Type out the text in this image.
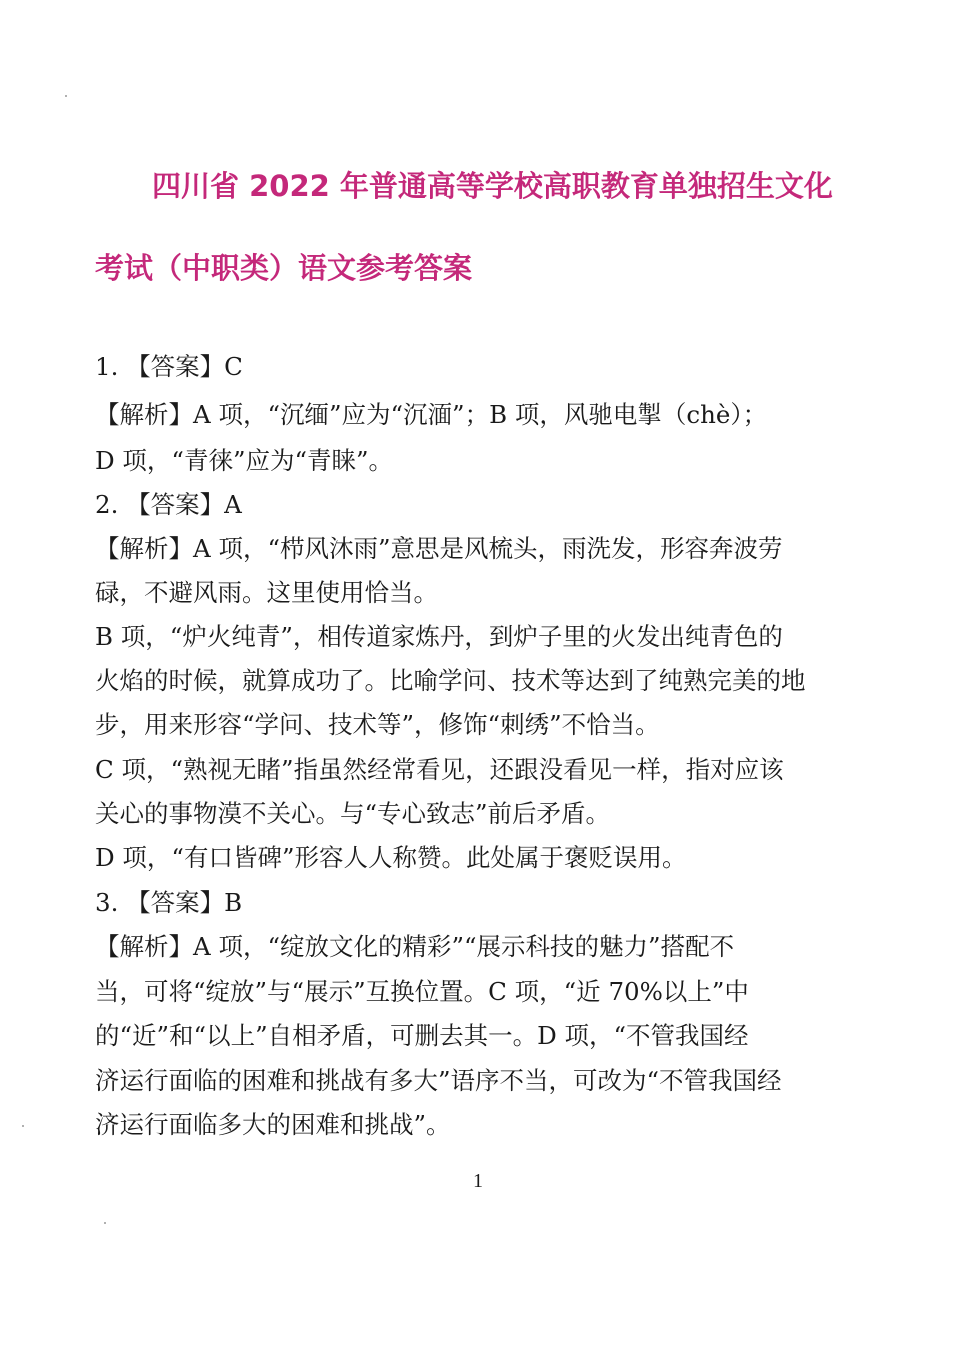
四川省 2022 年普通高等学校高职教育单独招生文化
考试（中职类）语文参考答案

1. 【答案】C

【解析】A 项，“沉缅”应为“沉湎”；B 项，风驰电掣（chè）；

D 项，“青徕”应为“青睐”。

2. 【答案】A

【解析】A 项，“栉风沐雨”意思是风梳头，雨洗发，形容奔波劳

碌，不避风雨。这里使用恰当。

B 项，“炉火纯青”，相传道家炼丹，到炉子里的火发出纯青色的

火焰的时候，就算成功了。比喻学问、技术等达到了纯熟完美的地

步，用来形容“学问、技术等”，修饰“刺绣”不恰当。

C 项，“熟视无睹”指虽然经常看见，还跟没看见一样，指对应该

关心的事物漠不关心。与“专心致志”前后矛盾。

D 项，“有口皆碑”形容人人称赞。此处属于褒贬误用。

3. 【答案】B

【解析】A 项，“绽放文化的精彩”“展示科技的魅力”搭配不

当，可将“绽放”与“展示”互换位置。C 项，“近 70%以上”中

的“近”和“以上”自相矛盾，可删去其一。D 项，“不管我国经

济运行面临的困难和挑战有多大”语序不当，可改为“不管我国经

济运行面临多大的困难和挑战”。

1
